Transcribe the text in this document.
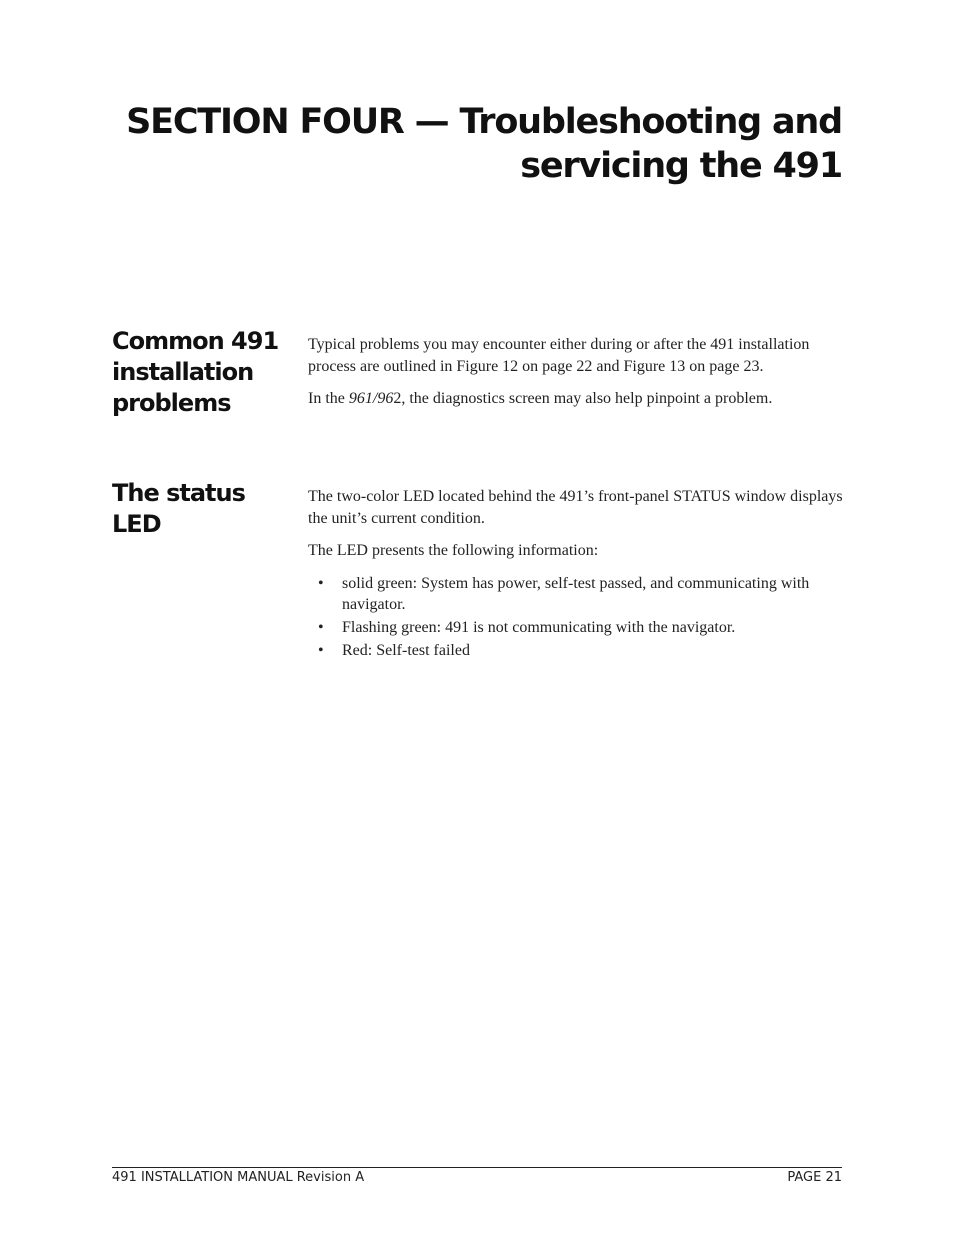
SECTION FOUR — Troubleshooting and
servicing the 491
Common 491
installation
problems

Typical problems you may encounter either during or after the 491 installation process are outlined in Figure 12 on page 22 and Figure 13 on page 23.

In the 961/962, the diagnostics screen may also help pinpoint a problem.

The status LED

The two-color LED located behind the 491’s front-panel STATUS window displays the unit’s current condition.

The LED presents the following information:

• solid green: System has power, self-test passed, and communicating with navigator.
• Flashing green: 491 is not communicating with the navigator.
• Red: Self-test failed
491 INSTALLATION MANUAL Revision A	PAGE 21
